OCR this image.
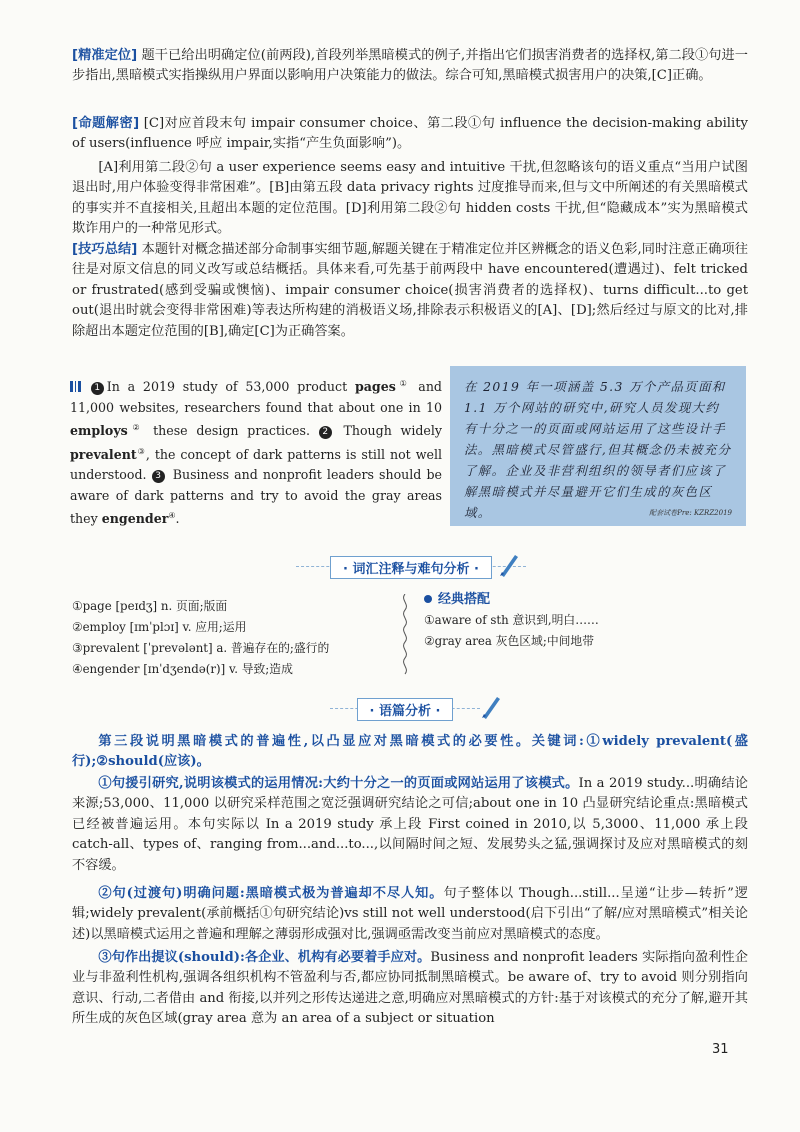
[精准定位] 题干已给出明确定位(前两段),首段列举黑暗模式的例子,并指出它们损害消费者的选择权,第二段①句进一步指出,黑暗模式实指操纵用户界面以影响用户决策能力的做法。综合可知,黑暗模式损害用户的决策,[C]正确。

[命题解密] [C]对应首段末句 impair consumer choice、第二段①句 influence the decision-making ability of users(influence 呼应 impair,实指“产生负面影响”)。

[A]利用第二段②句 a user experience seems easy and intuitive 干扰,但忽略该句的语义重点“当用户试图退出时,用户体验变得非常困难”。[B]由第五段 data privacy rights 过度推导而来,但与文中所阐述的有关黑暗模式的事实并不直接相关,且超出本题的定位范围。[D]利用第二段②句 hidden costs 干扰,但“隐藏成本”实为黑暗模式欺诈用户的一种常见形式。

[技巧总结] 本题针对概念描述部分命制事实细节题,解题关键在于精准定位并区辨概念的语义色彩,同时注意正确项往往是对原文信息的同义改写或总结概括。具体来看,可先基于前两段中 have encountered(遭遇过)、felt tricked or frustrated(感到受骗或懊恼)、impair consumer choice(损害消费者的选择权)、turns difficult...to get out(退出时就会变得非常困难)等表达所构建的消极语义场,排除表示积极语义的[A]、[D];然后经过与原文的比对,排除超出本题定位范围的[B],确定[C]为正确答案。

1 In a 2019 study of 53,000 product pages① and 11,000 websites, researchers found that about one in 10 employs② these design practices. 2 Though widely prevalent③, the concept of dark patterns is still not well understood. 3 Business and nonprofit leaders should be aware of dark patterns and try to avoid the gray areas they engender④.
在 2019 年一项涵盖 5.3 万个产品页面和 1.1 万个网站的研究中,研究人员发现大约有十分之一的页面或网站运用了这些设计手法。黑暗模式尽管盛行,但其概念仍未被充分了解。企业及非营利组织的领导者们应该了解黑暗模式并尽量避开它们生成的灰色区域。	配套试卷Pre: KZRZ2019
· 词汇注释与难句分析 ·
①page [peɪdʒ] n. 页面;版面
②employ [ɪmˈplɔɪ] v. 应用;运用
③prevalent [ˈprevələnt] a. 普遍存在的;盛行的
④engender [ɪnˈdʒendə(r)] v. 导致;造成
经典搭配
①aware of sth 意识到,明白……
②gray area 灰色区域;中间地带
· 语篇分析 ·

第三段说明黑暗模式的普遍性,以凸显应对黑暗模式的必要性。关键词:①widely prevalent(盛行);②should(应该)。

①句援引研究,说明该模式的运用情况:大约十分之一的页面或网站运用了该模式。In a 2019 study...明确结论来源;53,000、11,000 以研究采样范围之宽泛强调研究结论之可信;about one in 10 凸显研究结论重点:黑暗模式已经被普遍运用。本句实际以 In a 2019 study 承上段 First coined in 2010,以 5,3000、11,000 承上段 catch-all、types of、ranging from...and...to...,以间隔时间之短、发展势头之猛,强调探讨及应对黑暗模式的刻不容缓。

②句(过渡句)明确问题:黑暗模式极为普遍却不尽人知。句子整体以 Though...still...呈递“让步—转折”逻辑;widely prevalent(承前概括①句研究结论)vs still not well understood(启下引出“了解/应对黑暗模式”相关论述)以黑暗模式运用之普遍和理解之薄弱形成强对比,强调亟需改变当前应对黑暗模式的态度。

③句作出提议(should):各企业、机构有必要着手应对。Business and nonprofit leaders 实际指向盈利性企业与非盈利性机构,强调各组织机构不管盈利与否,都应协同抵制黑暗模式。be aware of、try to avoid 则分别指向意识、行动,二者借由 and 衔接,以并列之形传达递进之意,明确应对黑暗模式的方针:基于对该模式的充分了解,避开其所生成的灰色区域(gray area 意为 an area of a subject or situation

31
